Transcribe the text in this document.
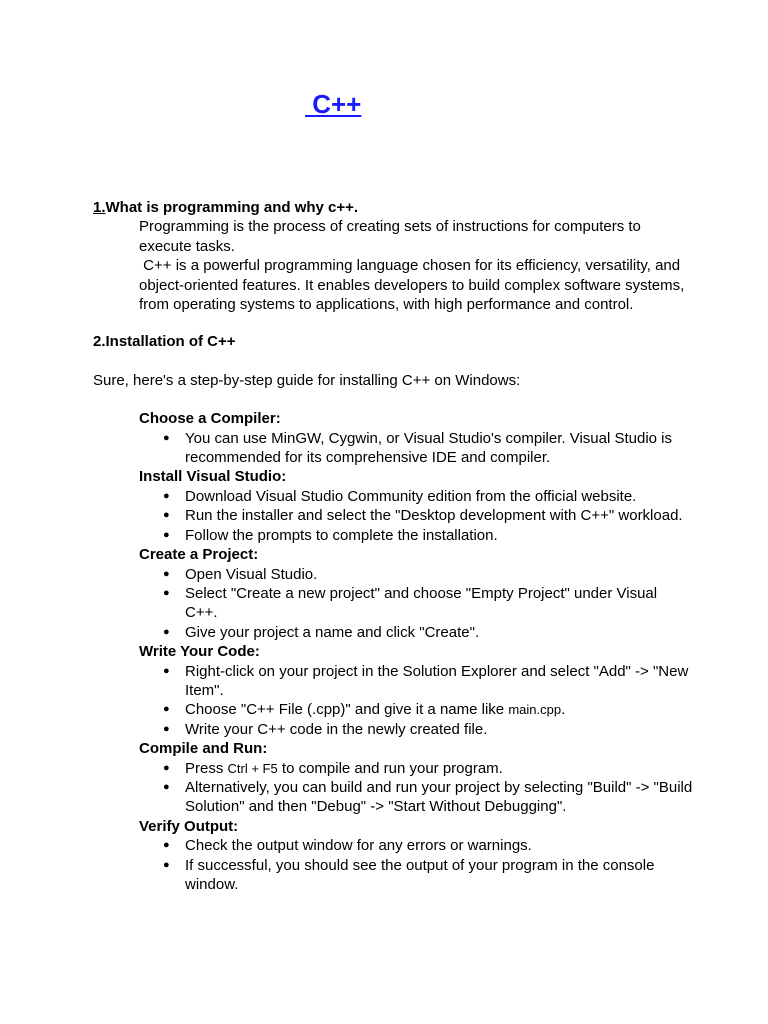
C++

1.What is programming and why c++.

Programming is the process of creating sets of instructions for computers to execute tasks.

C++ is a powerful programming language chosen for its efficiency, versatility, and object-oriented features. It enables developers to build complex software systems, from operating systems to applications, with high performance and control.

2.Installation of C++

Sure, here's a step-by-step guide for installing C++ on Windows:

Choose a Compiler:

● You can use MinGW, Cygwin, or Visual Studio's compiler. Visual Studio is recommended for its comprehensive IDE and compiler.

Install Visual Studio:

● Download Visual Studio Community edition from the official website.
● Run the installer and select the "Desktop development with C++" workload.
● Follow the prompts to complete the installation.

Create a Project:

● Open Visual Studio.
● Select "Create a new project" and choose "Empty Project" under Visual C++.
● Give your project a name and click "Create".

Write Your Code:

● Right-click on your project in the Solution Explorer and select "Add" -> "New Item".
● Choose "C++ File (.cpp)" and give it a name like main.cpp.
● Write your C++ code in the newly created file.

Compile and Run:

● Press Ctrl + F5 to compile and run your program.
● Alternatively, you can build and run your project by selecting "Build" -> "Build Solution" and then "Debug" -> "Start Without Debugging".

Verify Output:

● Check the output window for any errors or warnings.
● If successful, you should see the output of your program in the console window.
